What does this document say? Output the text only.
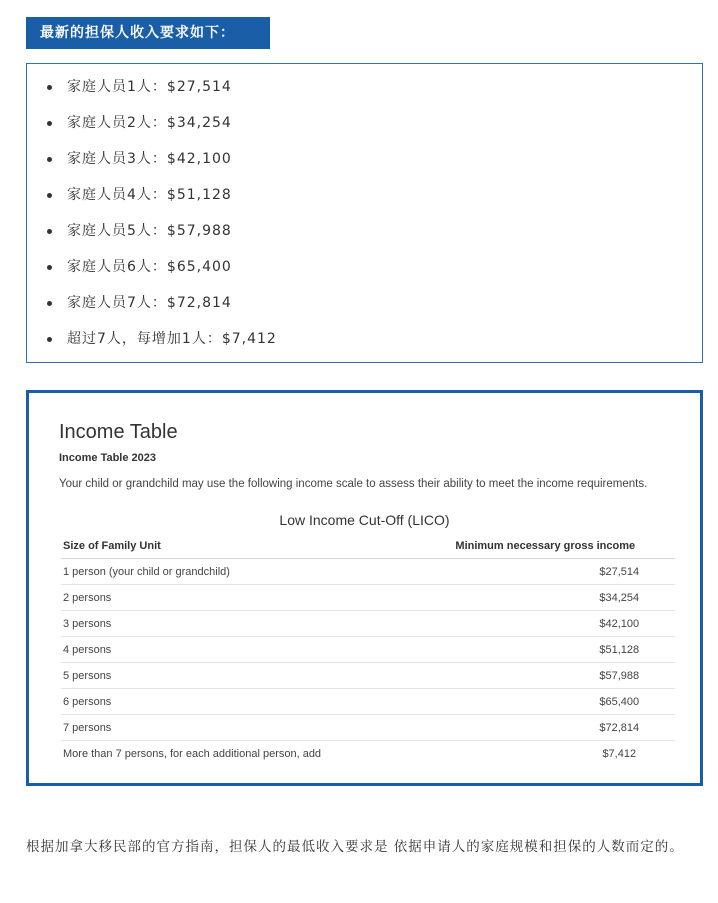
最新的担保人收入要求如下：
家庭人员1人：$27,514
家庭人员2人：$34,254
家庭人员3人：$42,100
家庭人员4人：$51,128
家庭人员5人：$57,988
家庭人员6人：$65,400
家庭人员7人：$72,814
超过7人，每增加1人：$7,412
Income Table
Income Table 2023
Your child or grandchild may use the following income scale to assess their ability to meet the income requirements.
Low Income Cut-Off (LICO)
Size of Family Unit	Minimum necessary gross income
1 person (your child or grandchild)	$27,514
2 persons	$34,254
3 persons	$42,100
4 persons	$51,128
5 persons	$57,988
6 persons	$65,400
7 persons	$72,814
More than 7 persons, for each additional person, add	$7,412
根据加拿大移民部的官方指南，担保人的最低收入要求是 依据申请人的家庭规模和担保的人数而定的。
